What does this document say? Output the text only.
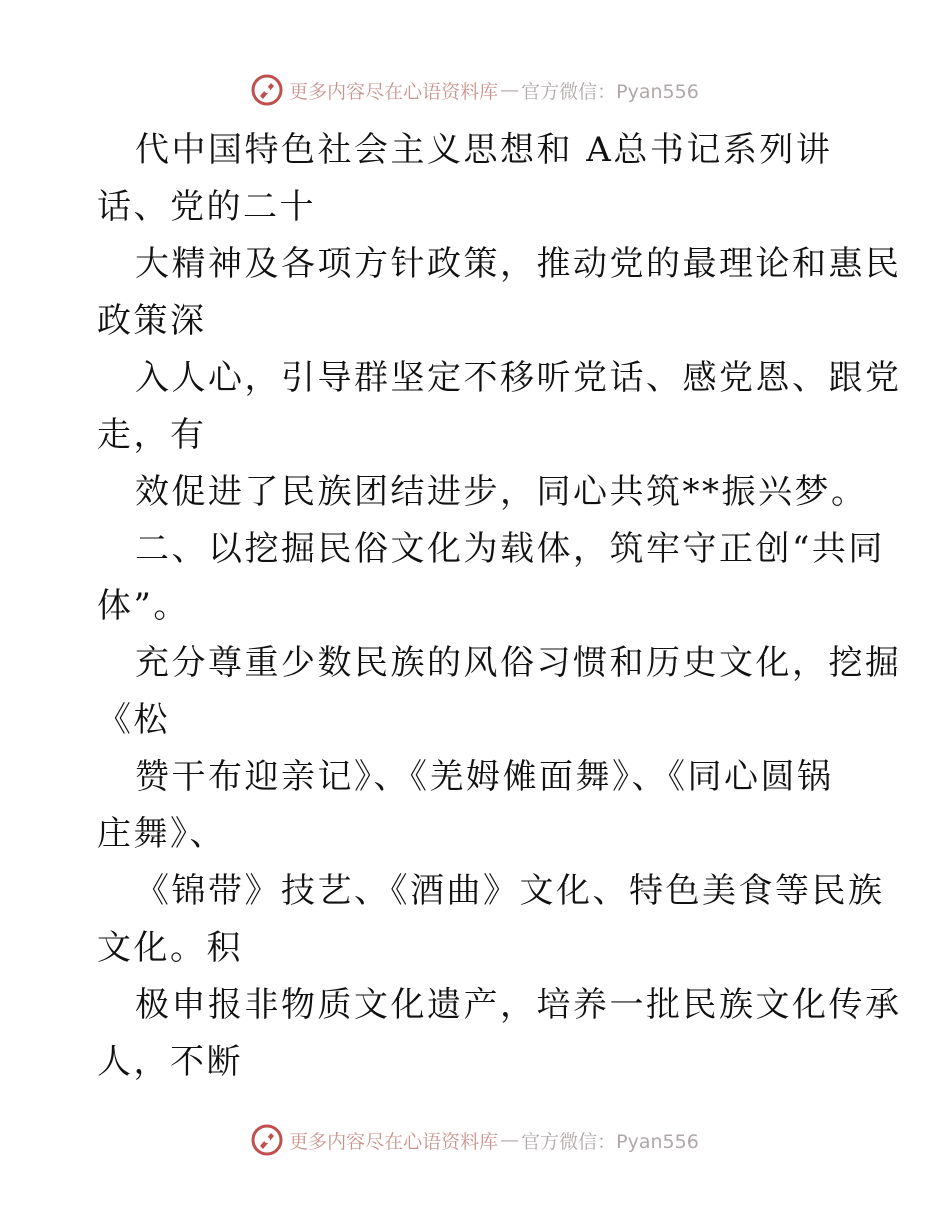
更多内容尽在心语资料库 — 官方微信：Pyan556
代中国特色社会主义思想和 A总书记系列讲
话、党的二十
大精神及各项方针政策，推动党的最理论和惠民
政策深
入人心，引导群坚定不移听党话、感党恩、跟党
走，有
效促进了民族团结进步，同心共筑**振兴梦。
二、以挖掘民俗文化为载体，筑牢守正创“共同
体”。
充分尊重少数民族的风俗习惯和历史文化，挖掘
《松
赞干布迎亲记》、《羌姆傩面舞》、《同心圆锅
庄舞》、
《锦带》技艺、《酒曲》文化、特色美食等民族
文化。积
极申报非物质文化遗产，培养一批民族文化传承
人，不断
更多内容尽在心语资料库 — 官方微信：Pyan556
